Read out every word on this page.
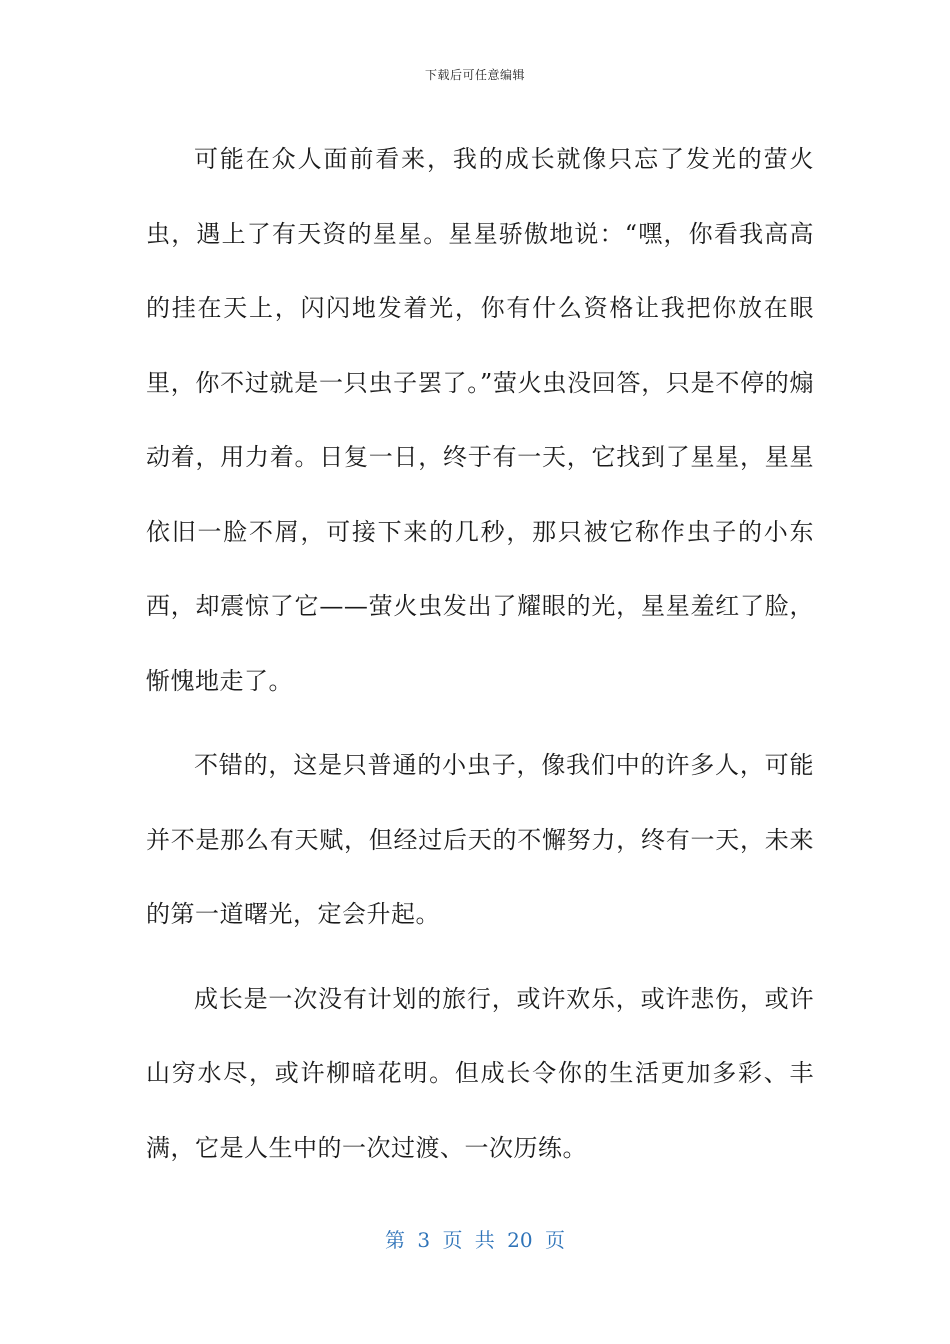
下载后可任意编辑

可能在众人面前看来，我的成长就像只忘了发光的萤火虫，遇上了有天资的星星。星星骄傲地说：“嘿，你看我高高的挂在天上，闪闪地发着光，你有什么资格让我把你放在眼里，你不过就是一只虫子罢了。”萤火虫没回答，只是不停的煽动着，用力着。日复一日，终于有一天，它找到了星星，星星依旧一脸不屑，可接下来的几秒，那只被它称作虫子的小东西，却震惊了它——萤火虫发出了耀眼的光，星星羞红了脸，惭愧地走了。

不错的，这是只普通的小虫子，像我们中的许多人，可能并不是那么有天赋，但经过后天的不懈努力，终有一天，未来的第一道曙光，定会升起。

成长是一次没有计划的旅行，或许欢乐，或许悲伤，或许山穷水尽，或许柳暗花明。但成长令你的生活更加多彩、丰满，它是人生中的一次过渡、一次历练。

第 3 页 共 20 页
